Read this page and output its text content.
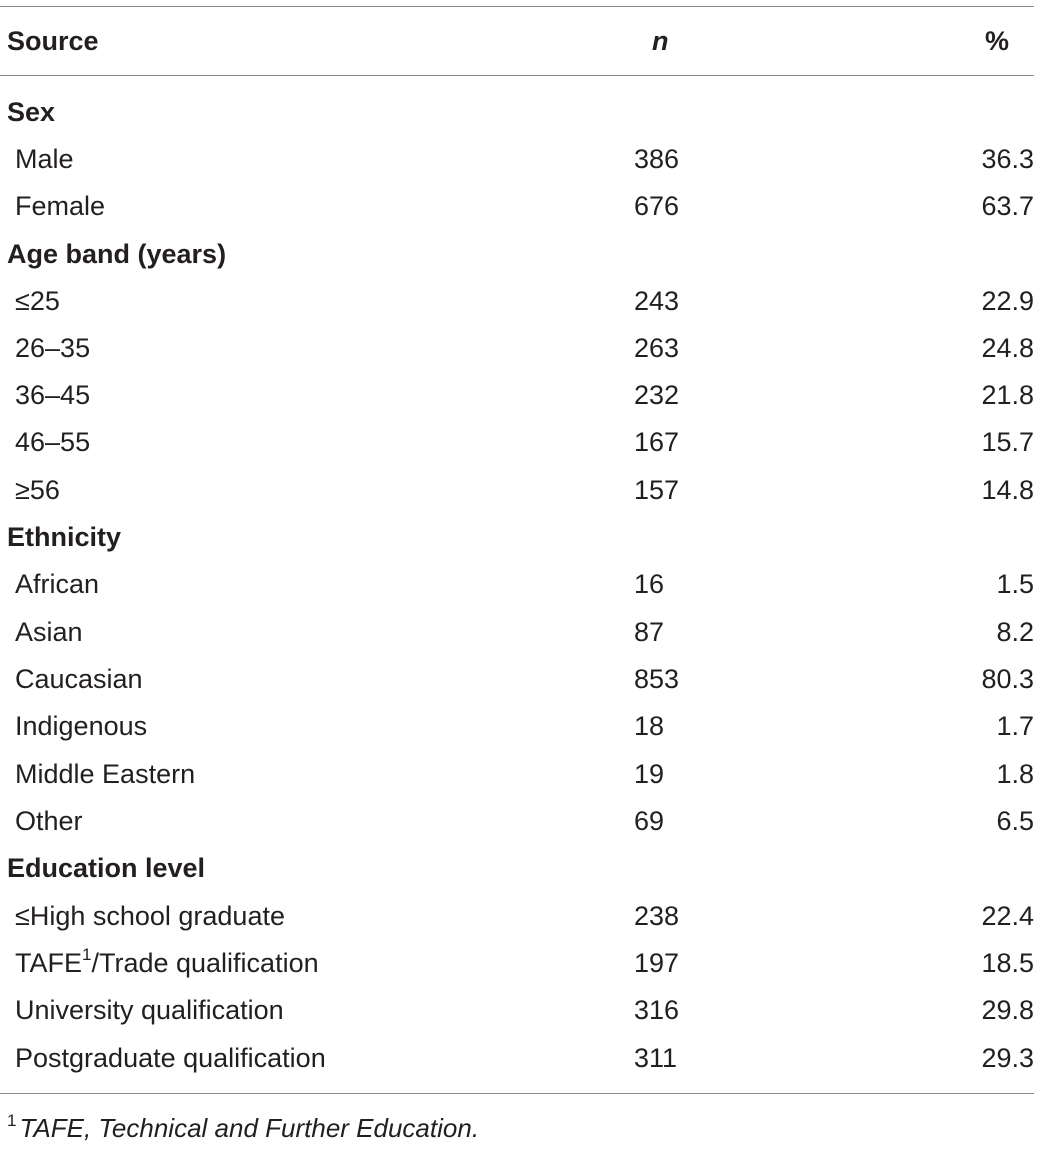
Source	n	%
Sex
Male	386	36.3
Female	676	63.7
Age band (years)
≤25	243	22.9
26–35	263	24.8
36–45	232	21.8
46–55	167	15.7
≥56	157	14.8
Ethnicity
African	16	1.5
Asian	87	8.2
Caucasian	853	80.3
Indigenous	18	1.7
Middle Eastern	19	1.8
Other	69	6.5
Education level
≤High school graduate	238	22.4
TAFE$^1$/Trade qualification	197	18.5
University qualification	316	29.8
Postgraduate qualification	311	29.3
$^1$ TAFE, Technical and Further Education.
